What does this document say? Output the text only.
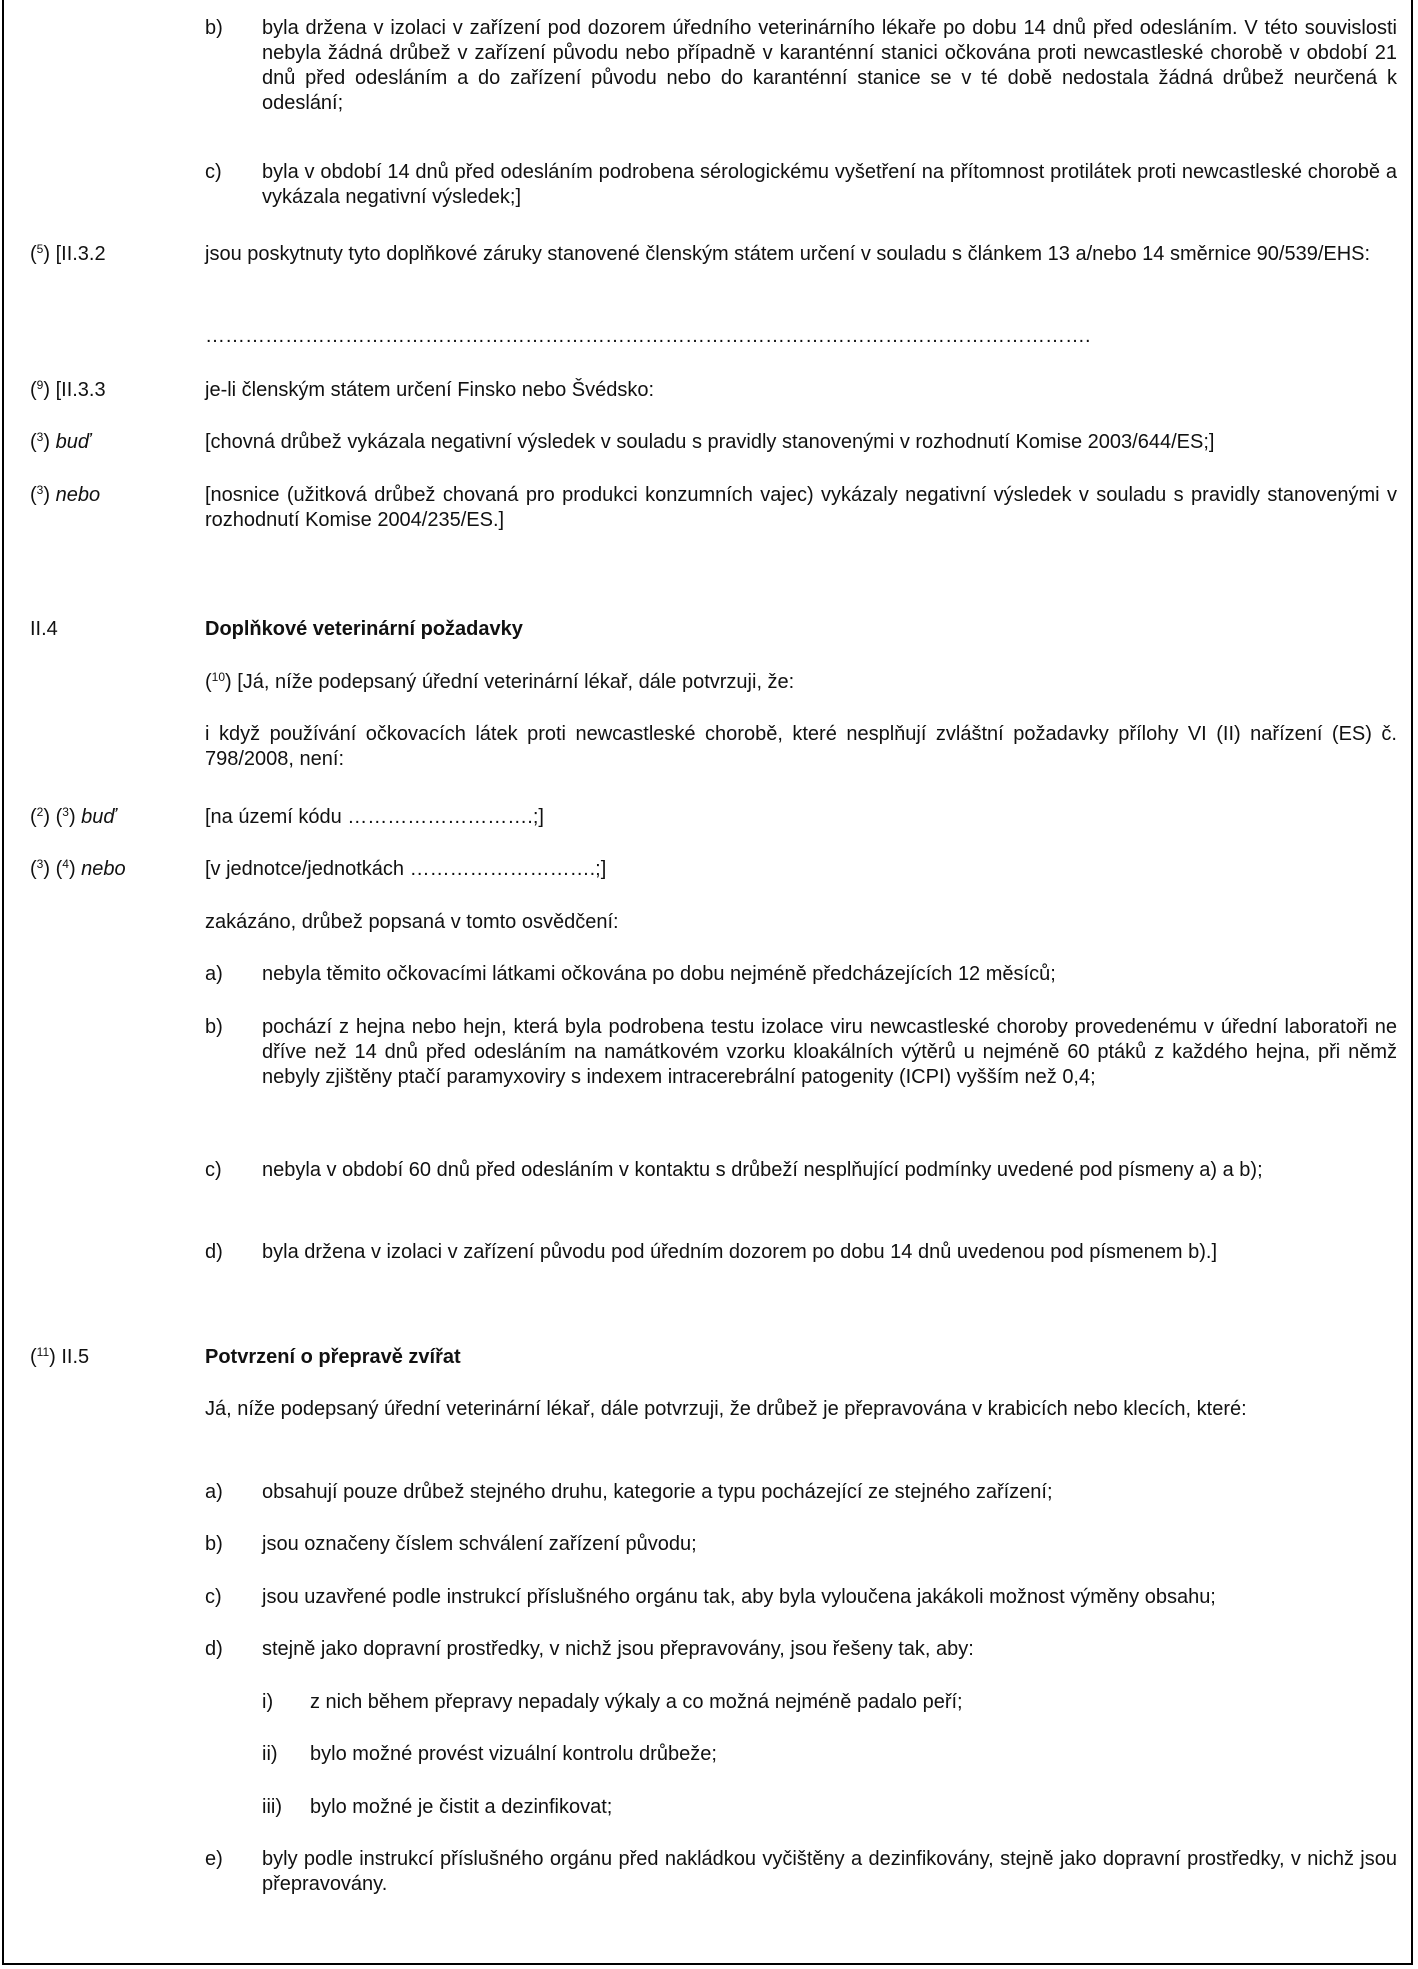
b) byla držena v izolaci v zařízení pod dozorem úředního veterinárního lékaře po dobu 14 dnů před odesláním. V této souvislosti nebyla žádná drůbež v zařízení původu nebo případně v karanténní stanici očkována proti newcastleské chorobě v období 21 dnů před odesláním a do zařízení původu nebo do karanténní stanice se v té době nedostala žádná drůbež neurčená k odeslání;
c) byla v období 14 dnů před odesláním podrobena sérologickému vyšetření na přítomnost protilátek proti newcastleské chorobě a vykázala negativní výsledek;]
($^5$) [II.3.2	jsou poskytnuty tyto doplňkové záruky stanovené členským státem určení v souladu s článkem 13 a/nebo 14 směrnice 90/539/EHS:
…………………………………………………………………………………………………………………….
($^9$) [II.3.3	je-li členským státem určení Finsko nebo Švédsko:
($^3$) buď	[chovná drůbež vykázala negativní výsledek v souladu s pravidly stanovenými v rozhodnutí Komise 2003/644/ES;]
($^3$) nebo	[nosnice (užitková drůbež chovaná pro produkci konzumních vajec) vykázaly negativní výsledek v souladu s pravidly stanovenými v rozhodnutí Komise 2004/235/ES.]
II.4	Doplňkové veterinární požadavky
($^{10}$) [Já, níže podepsaný úřední veterinární lékař, dále potvrzuji, že:
i když používání očkovacích látek proti newcastleské chorobě, které nesplňují zvláštní požadavky přílohy VI (II) nařízení (ES) č. 798/2008, není:
($^2$) ($^3$) buď	[na území kódu ……………………….;]
($^3$) ($^4$) nebo	[v jednotce/jednotkách ……………………….;]
zakázáno, drůbež popsaná v tomto osvědčení:
a) nebyla těmito očkovacími látkami očkována po dobu nejméně předcházejících 12 měsíců;
b) pochází z hejna nebo hejn, která byla podrobena testu izolace viru newcastleské choroby provedenému v úřední laboratoři ne dříve než 14 dnů před odesláním na namátkovém vzorku kloakálních výtěrů u nejméně 60 ptáků z každého hejna, při němž nebyly zjištěny ptačí paramyxoviry s indexem intracerebrální patogenity (ICPI) vyšším než 0,4;
c) nebyla v období 60 dnů před odesláním v kontaktu s drůbeží nesplňující podmínky uvedené pod písmeny a) a b);
d) byla držena v izolaci v zařízení původu pod úředním dozorem po dobu 14 dnů uvedenou pod písmenem b).]
($^{11}$) II.5	Potvrzení o přepravě zvířat
Já, níže podepsaný úřední veterinární lékař, dále potvrzuji, že drůbež je přepravována v krabicích nebo klecích, které:
a) obsahují pouze drůbež stejného druhu, kategorie a typu pocházející ze stejného zařízení;
b) jsou označeny číslem schválení zařízení původu;
c) jsou uzavřené podle instrukcí příslušného orgánu tak, aby byla vyloučena jakákoli možnost výměny obsahu;
d) stejně jako dopravní prostředky, v nichž jsou přepravovány, jsou řešeny tak, aby:
i) z nich během přepravy nepadaly výkaly a co možná nejméně padalo peří;
ii) bylo možné provést vizuální kontrolu drůbeže;
iii) bylo možné je čistit a dezinfikovat;
e) byly podle instrukcí příslušného orgánu před nakládkou vyčištěny a dezinfikovány, stejně jako dopravní prostředky, v nichž jsou přepravovány.
